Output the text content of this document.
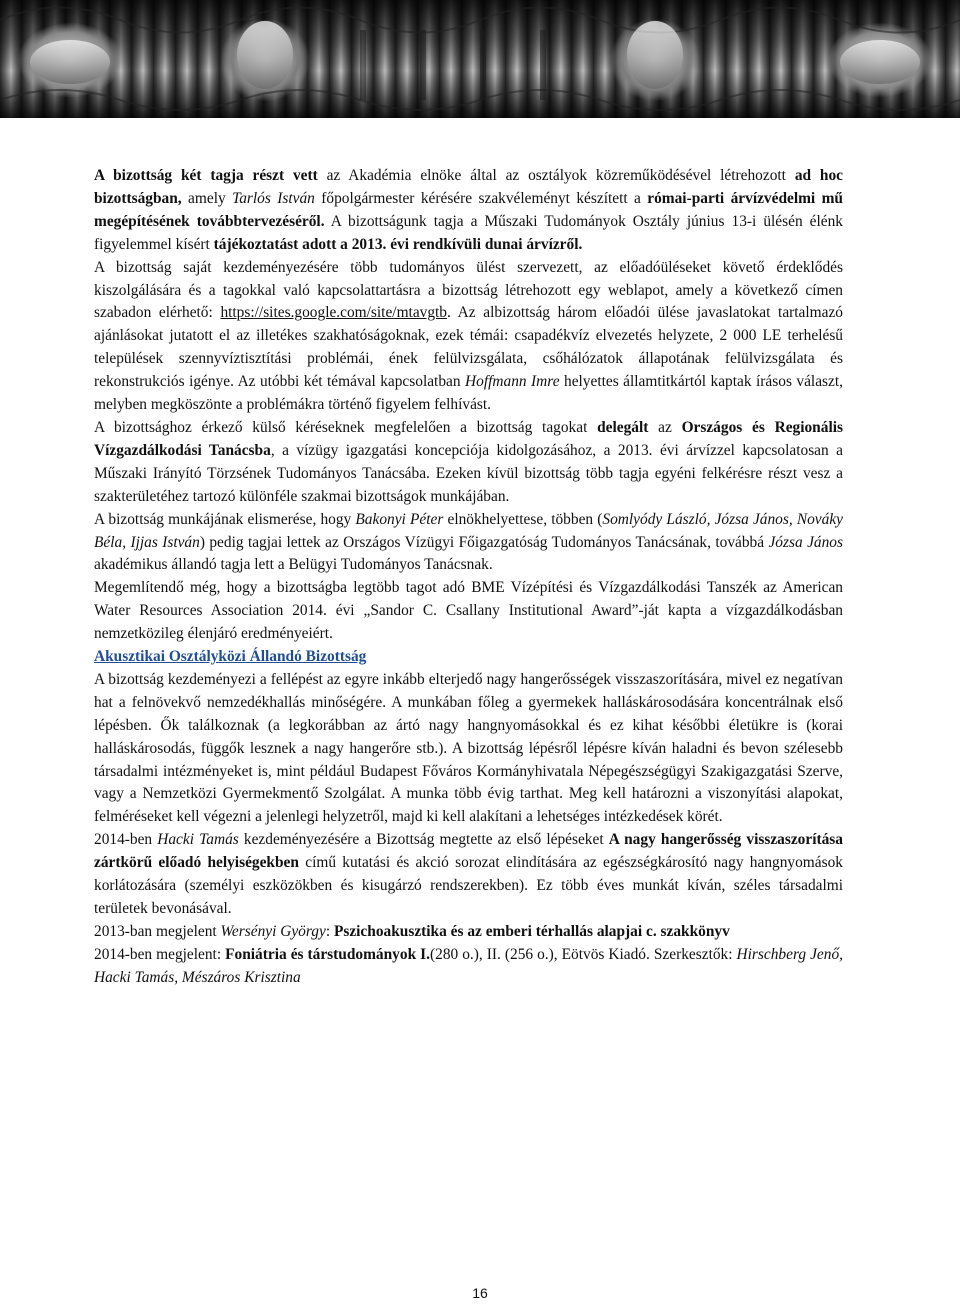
A bizottság két tagja részt vett az Akadémia elnöke által az osztályok közreműködésével létrehozott ad hoc bizottságban, amely Tarlós István főpolgármester kérésére szakvéleményt készített a római-parti árvízvédelmi mű megépítésének továbbtervezéséről. A bizottságunk tagja a Műszaki Tudományok Osztály június 13-i ülésén élénk figyelemmel kísért tájékoztatást adott a 2013. évi rendkívüli dunai árvízről.

A bizottság saját kezdeményezésére több tudományos ülést szervezett, az előadóüléseket követő érdeklődés kiszolgálására és a tagokkal való kapcsolattartásra a bizottság létrehozott egy weblapot, amely a következő címen szabadon elérhető: https://sites.google.com/site/mtavgtb. Az albizottság három előadói ülése javaslatokat tartalmazó ajánlásokat jutatott el az illetékes szakhatóságoknak, ezek témái: csapadékvíz elvezetés helyzete, 2 000 LE terhelésű települések szennyvíztisztítási problémái, ének felülvizsgálata, csőhálózatok állapotának felülvizsgálata és rekonstrukciós igénye. Az utóbbi két témával kapcsolatban Hoffmann Imre helyettes államtitkártól kaptak írásos választ, melyben megköszönte a problémákra történő figyelem felhívást.

A bizottsághoz érkező külső kéréseknek megfelelően a bizottság tagokat delegált az Országos és Regionális Vízgazdálkodási Tanácsba, a vízügy igazgatási koncepciója kidolgozásához, a 2013. évi árvízzel kapcsolatosan a Műszaki Irányító Törzsének Tudományos Tanácsába. Ezeken kívül bizottság több tagja egyéni felkérésre részt vesz a szakterületéhez tartozó különféle szakmai bizottságok munkájában.

A bizottság munkájának elismerése, hogy Bakonyi Péter elnökhelyettese, többen (Somlyódy László, Józsa János, Nováky Béla, Ijjas István) pedig tagjai lettek az Országos Vízügyi Főigazgatóság Tudományos Tanácsának, továbbá Józsa János akadémikus állandó tagja lett a Belügyi Tudományos Tanácsnak.

Megemlítendő még, hogy a bizottságba legtöbb tagot adó BME Vízépítési és Vízgazdálkodási Tanszék az American Water Resources Association 2014. évi „Sandor C. Csallany Institutional Award”-ját kapta a vízgazdálkodásban nemzetközileg élenjáró eredményeiért.

Akusztikai Osztályközi Állandó Bizottság

A bizottság kezdeményezi a fellépést az egyre inkább elterjedő nagy hangerősségek visszaszorítására, mivel ez negatívan hat a felnövekvő nemzedékhallás minőségére. A munkában főleg a gyermekek halláskárosodására koncentrálnak első lépésben. Ők találkoznak (a legkorábban az ártó nagy hangnyomásokkal és ez kihat későbbi életükre is (korai halláskárosodás, függők lesznek a nagy hangerőre stb.). A bizottság lépésről lépésre kíván haladni és bevon szélesebb társadalmi intézményeket is, mint például Budapest Főváros Kormányhivatala Népegészségügyi Szakigazgatási Szerve, vagy a Nemzetközi Gyermekmentő Szolgálat. A munka több évig tarthat. Meg kell határozni a viszonyítási alapokat, felméréseket kell végezni a jelenlegi helyzetről, majd ki kell alakítani a lehetséges intézkedések körét.

2014-ben Hacki Tamás kezdeményezésére a Bizottság megtette az első lépéseket A nagy hangerősség visszaszorítása zártkörű előadó helyiségekben című kutatási és akció sorozat elindítására az egészségkárosító nagy hangnyomások korlátozására (személyi eszközökben és kisugárzó rendszerekben). Ez több éves munkát kíván, széles társadalmi területek bevonásával.

2013-ban megjelent Wersényi György: Pszichoakusztika és az emberi térhallás alapjai c. szakkönyv

2014-ben megjelent: Foniátria és társtudományok I.(280 o.), II. (256 o.), Eötvös Kiadó. Szerkesztők: Hirschberg Jenő, Hacki Tamás, Mészáros Krisztina

16
